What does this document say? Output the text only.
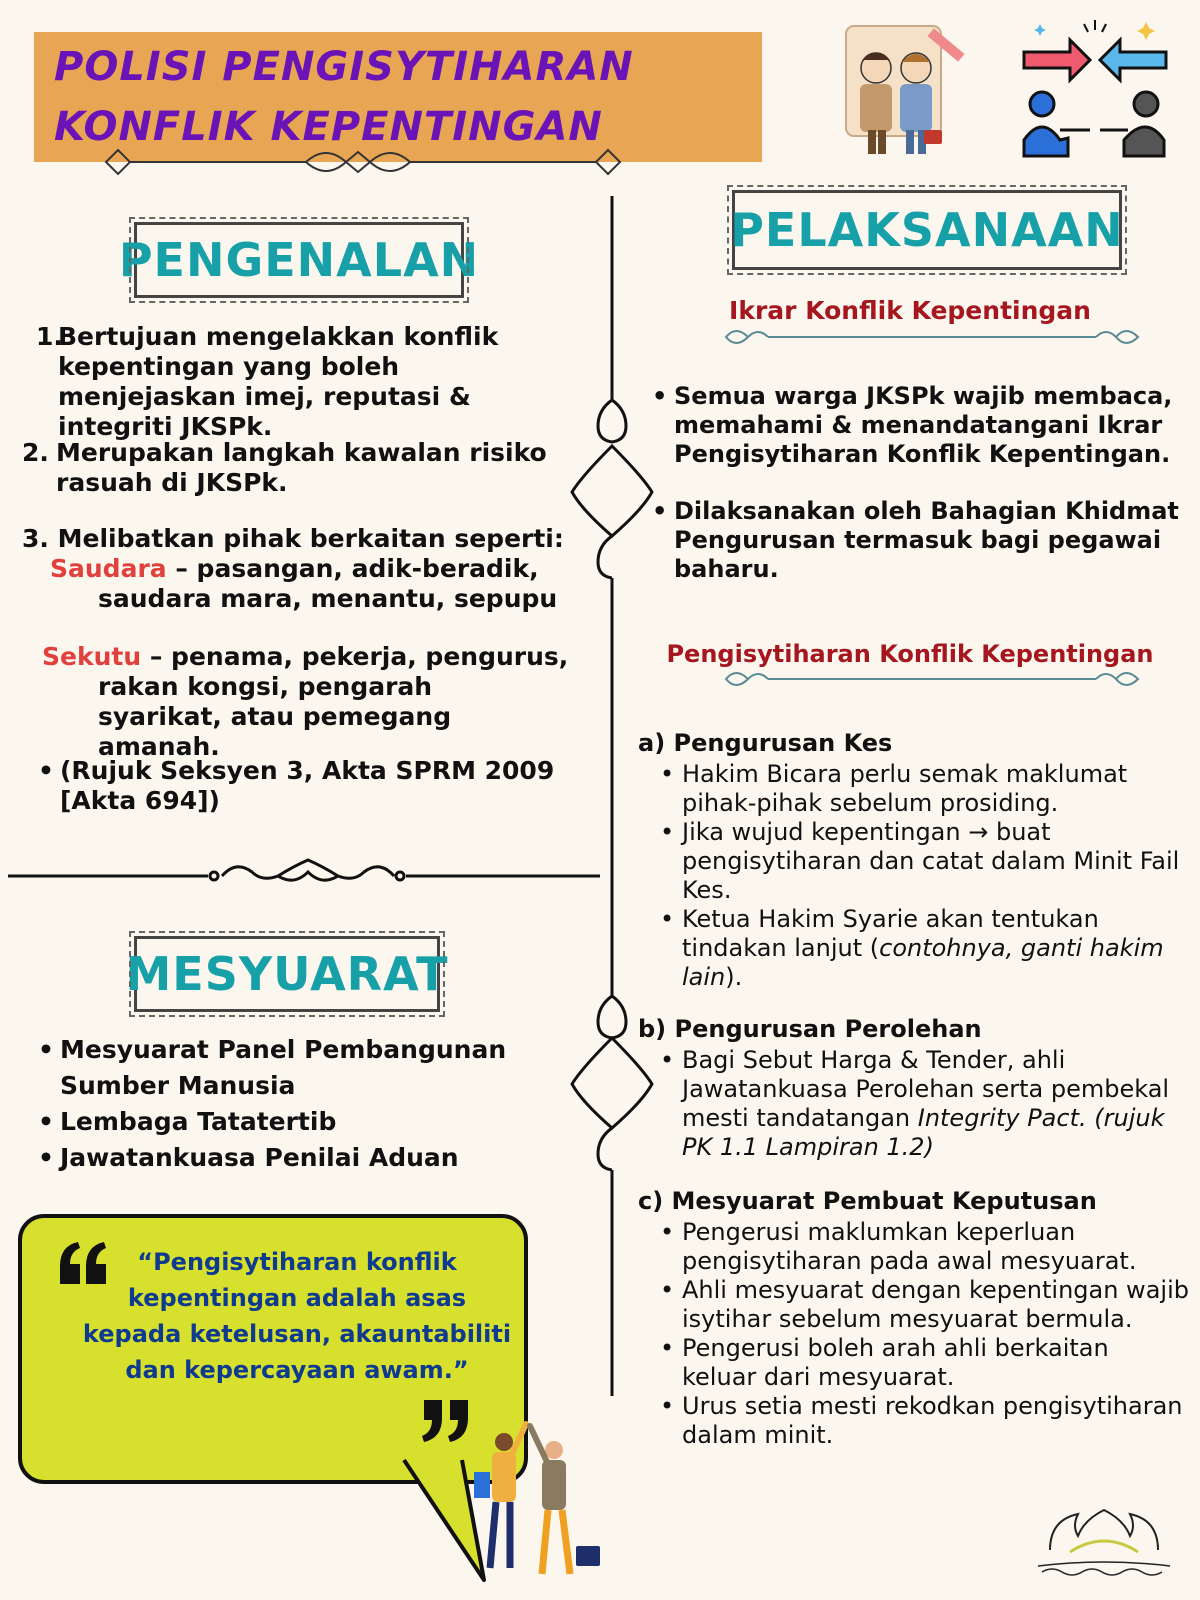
POLISI PENGISYTIHARAN
KONFLIK KEPENTINGAN
PENGENALAN
1.
Bertujuan mengelakkan konflik kepentingan yang boleh menjejaskan imej, reputasi & integriti JKSPk.
2. Merupakan langkah kawalan risiko rasuah di JKSPk.
3. Melibatkan pihak berkaitan seperti:
Saudara – pasangan, adik-beradik,
saudara mara, menantu, sepupu
Sekutu – penama, pekerja, pengurus,
rakan kongsi, pengarah syarikat, atau pemegang amanah.
• (Rujuk Seksyen 3, Akta SPRM 2009 [Akta 694])
MESYUARAT
• Mesyuarat Panel Pembangunan Sumber Manusia
• Lembaga Tatatertib
• Jawatankuasa Penilai Aduan
“Pengisytiharan konflik kepentingan adalah asas kepada ketelusan, akauntabiliti dan kepercayaan awam.”
PELAKSANAAN
Ikrar Konflik Kepentingan
• Semua warga JKSPk wajib membaca, memahami & menandatangani Ikrar Pengisytiharan Konflik Kepentingan.
• Dilaksanakan oleh Bahagian Khidmat Pengurusan termasuk bagi pegawai baharu.
Pengisytiharan Konflik Kepentingan
a) Pengurusan Kes
• Hakim Bicara perlu semak maklumat pihak-pihak sebelum prosiding.
• Jika wujud kepentingan → buat pengisytiharan dan catat dalam Minit Fail Kes.
• Ketua Hakim Syarie akan tentukan tindakan lanjut (contohnya, ganti hakim lain).
b) Pengurusan Perolehan
• Bagi Sebut Harga & Tender, ahli Jawatankuasa Perolehan serta pembekal mesti tandatangan Integrity Pact. (rujuk PK 1.1 Lampiran 1.2)
c) Mesyuarat Pembuat Keputusan
• Pengerusi maklumkan keperluan pengisytiharan pada awal mesyuarat.
• Ahli mesyuarat dengan kepentingan wajib isytihar sebelum mesyuarat bermula.
• Pengerusi boleh arah ahli berkaitan keluar dari mesyuarat.
• Urus setia mesti rekodkan pengisytiharan dalam minit.
